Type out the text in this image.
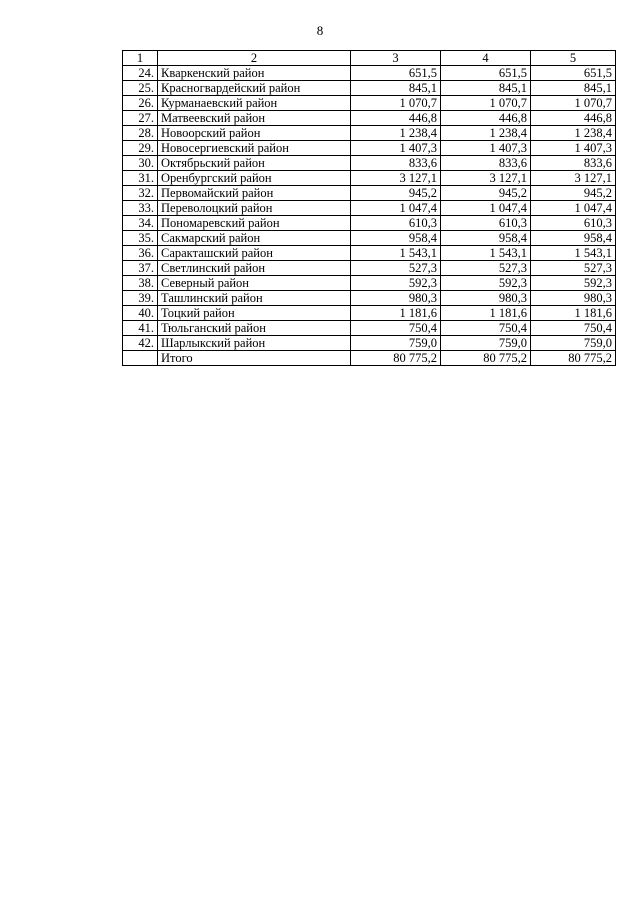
8
1	2	3	4	5
24.	Кваркенский район	651,5	651,5	651,5
25.	Красногвардейский район	845,1	845,1	845,1
26.	Курманаевский район	1 070,7	1 070,7	1 070,7
27.	Матвеевский район	446,8	446,8	446,8
28.	Новоорский район	1 238,4	1 238,4	1 238,4
29.	Новосергиевский район	1 407,3	1 407,3	1 407,3
30.	Октябрьский район	833,6	833,6	833,6
31.	Оренбургский район	3 127,1	3 127,1	3 127,1
32.	Первомайский район	945,2	945,2	945,2
33.	Переволоцкий район	1 047,4	1 047,4	1 047,4
34.	Пономаревский район	610,3	610,3	610,3
35.	Сакмарский район	958,4	958,4	958,4
36.	Саракташский район	1 543,1	1 543,1	1 543,1
37.	Светлинский район	527,3	527,3	527,3
38.	Северный район	592,3	592,3	592,3
39.	Ташлинский район	980,3	980,3	980,3
40.	Тоцкий район	1 181,6	1 181,6	1 181,6
41.	Тюльганский район	750,4	750,4	750,4
42.	Шарлыкский район	759,0	759,0	759,0
	Итого	80 775,2	80 775,2	80 775,2
